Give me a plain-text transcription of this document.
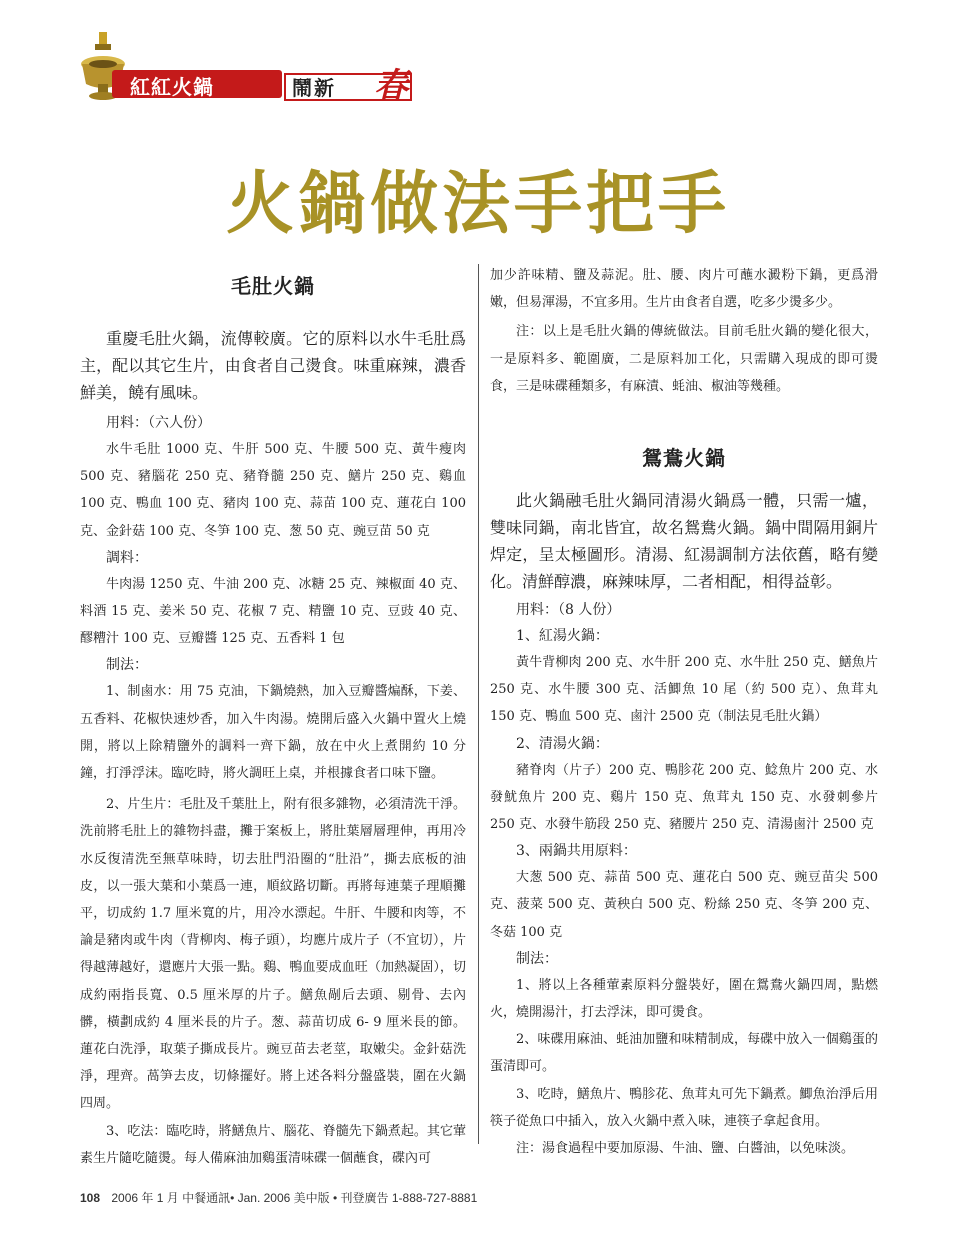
紅紅火鍋	鬧新 春
火鍋做法手把手
毛肚火鍋

重慶毛肚火鍋，流傳較廣。它的原料以水牛毛肚爲主，配以其它生片，由食者自己燙食。味重麻辣，濃香鮮美，饒有風味。

用料：（六人份）

水牛毛肚 1000 克、牛肝 500 克、牛腰 500 克、黃牛瘦肉 500 克、豬腦花 250 克、豬脊髓 250 克、鱔片 250 克、鷄血 100 克、鴨血 100 克、豬肉 100 克、蒜苗 100 克、蓮花白 100 克、金針菇 100 克、冬笋 100 克、葱 50 克、豌豆苗 50 克

調料：

牛肉湯 1250 克、牛油 200 克、冰糖 25 克、辣椒面 40 克、料酒 15 克、姜米 50 克、花椒 7 克、精鹽 10 克、豆豉 40 克、醪糟汁 100 克、豆瓣醬 125 克、五香料 1 包

制法：

1、制鹵水：用 75 克油，下鍋燒熱，加入豆瓣醬煸酥，下姜、五香料、花椒快速炒香，加入牛肉湯。燒開后盛入火鍋中置火上燒開，將以上除精鹽外的調料一齊下鍋，放在中火上煮開約 10 分鐘，打淨浮沫。臨吃時，將火調旺上桌，并根據食者口味下鹽。

2、片生片：毛肚及千葉肚上，附有很多雜物，必須清洗干淨。洗前將毛肚上的雜物抖盡，攤于案板上，將肚葉層層理伸，再用冷水反復清洗至無草味時，切去肚門沿圈的“肚沿”，撕去底板的油皮，以一張大葉和小葉爲一連，順紋路切斷。再將每連葉子理順攤平，切成約 1.7 厘米寬的片，用冷水漂起。牛肝、牛腰和肉等，不論是豬肉或牛肉（背柳肉、梅子頭），均應片成片子（不宜切），片得越薄越好，還應片大張一點。鷄、鴨血要成血旺（加熱凝固），切成約兩指長寬、0.5 厘米厚的片子。鱔魚剮后去頭、剔骨、去內髒，橫劃成約 4 厘米長的片子。葱、蒜苗切成 6- 9 厘米長的節。蓮花白洗淨，取葉子撕成長片。豌豆苗去老莖，取嫩尖。金針菇洗淨，理齊。萵笋去皮，切條擺好。將上述各料分盤盛裝，圍在火鍋四周。

3、吃法：臨吃時，將鱔魚片、腦花、脊髓先下鍋煮起。其它葷素生片隨吃隨燙。每人備麻油加鷄蛋清味碟一個蘸食，碟內可

加少許味精、鹽及蒜泥。肚、腰、肉片可蘸水澱粉下鍋，更爲滑嫩，但易渾湯，不宜多用。生片由食者自選，吃多少燙多少。

注：以上是毛肚火鍋的傳統做法。目前毛肚火鍋的變化很大，一是原料多、範圍廣，二是原料加工化，只需購入現成的即可燙食，三是味碟種類多，有麻漬、蚝油、椒油等幾種。

鴛鴦火鍋

此火鍋融毛肚火鍋同清湯火鍋爲一體，只需一爐，雙味同鍋，南北皆宜，故名鴛鴦火鍋。鍋中間隔用銅片焊定，呈太極圖形。清湯、紅湯調制方法依舊，略有變化。清鮮醇濃，麻辣味厚，二者相配，相得益彰。

用料：（8 人份）

1、紅湯火鍋：

黃牛背柳肉 200 克、水牛肝 200 克、水牛肚 250 克、鱔魚片 250 克、水牛腰 300 克、活鯽魚 10 尾（約 500 克）、魚茸丸 150 克、鴨血 500 克、鹵汁 2500 克（制法見毛肚火鍋）

2、清湯火鍋：

豬脊肉（片子）200 克、鴨胗花 200 克、鯰魚片 200 克、水發魷魚片 200 克、鷄片 150 克、魚茸丸 150 克、水發刺參片 250 克、水發牛筋段 250 克、豬腰片 250 克、清湯鹵汁 2500 克

3、兩鍋共用原料：

大葱 500 克、蒜苗 500 克、蓮花白 500 克、豌豆苗尖 500 克、菠菜 500 克、黃秧白 500 克、粉絲 250 克、冬笋 200 克、冬菇 100 克

制法：

1、將以上各種葷素原料分盤裝好，圍在鴛鴦火鍋四周，點燃火，燒開湯汁，打去浮沫，即可燙食。

2、味碟用麻油、蚝油加鹽和味精制成，每碟中放入一個鷄蛋的蛋清即可。

3、吃時，鱔魚片、鴨胗花、魚茸丸可先下鍋煮。鯽魚治淨后用筷子從魚口中插入，放入火鍋中煮入味，連筷子拿起食用。

注：湯食過程中要加原湯、牛油、鹽、白醬油，以免味淡。

108 2006 年 1 月 中餐通訊• Jan. 2006 美中版 • 刊登廣告 1-888-727-8881
